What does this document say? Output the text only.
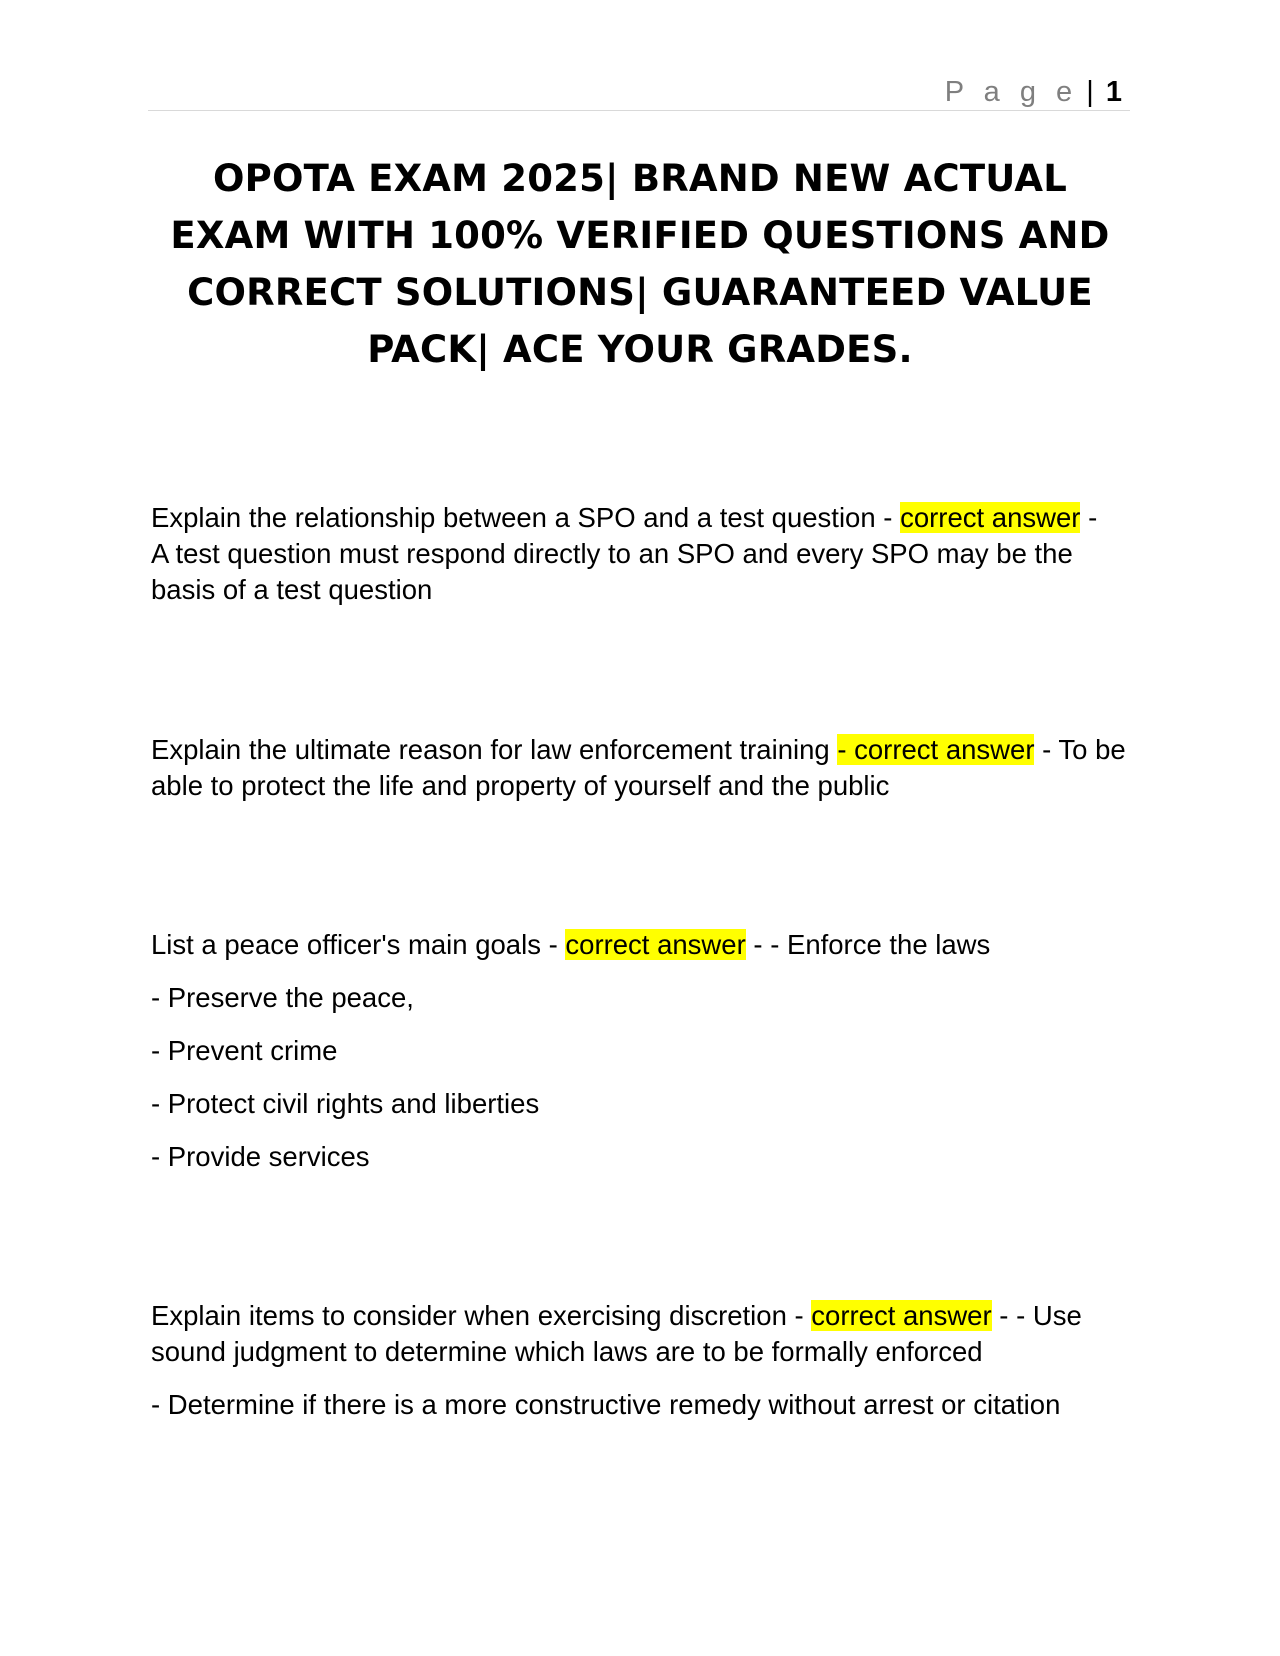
P a g e | 1
OPOTA EXAM 2025| BRAND NEW ACTUAL EXAM WITH 100% VERIFIED QUESTIONS AND CORRECT SOLUTIONS| GUARANTEED VALUE PACK| ACE YOUR GRADES.

Explain the relationship between a SPO and a test question - correct answer - A test question must respond directly to an SPO and every SPO may be the basis of a test question

Explain the ultimate reason for law enforcement training - correct answer - To be able to protect the life and property of yourself and the public

List a peace officer's main goals - correct answer - - Enforce the laws

- Preserve the peace,

- Prevent crime

- Protect civil rights and liberties

- Provide services

Explain items to consider when exercising discretion - correct answer - - Use sound judgment to determine which laws are to be formally enforced

- Determine if there is a more constructive remedy without arrest or citation
